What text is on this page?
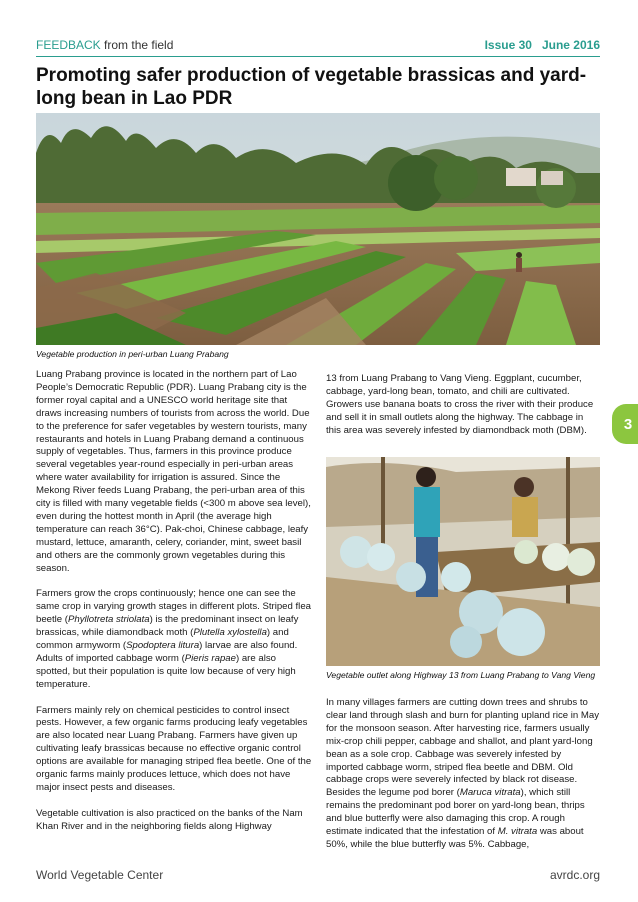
FEEDBACK from the field	Issue 30   June 2016
Promoting safer production of vegetable brassicas and yard-long bean in Lao PDR
Vegetable production in peri-urban Luang Prabang

Luang Prabang province is located in the northern part of Lao People’s Democratic Republic (PDR). Luang Prabang city is the former royal capital and a UNESCO world heritage site that draws increasing numbers of tourists from across the world. Due to the preference for safer vegetables by western tourists, many restaurants and hotels in Luang Prabang demand a continuous supply of vegetables. Thus, farmers in this province produce several vegetables year-round especially in peri-urban areas where water availability for irrigation is assured. Since the Mekong River feeds Luang Prabang, the peri-urban area of this city is filled with many vegetable fields (<300 m above sea level), even during the hottest month in April (the average high temperature can reach 36°C). Pak-choi, Chinese cabbage, leafy mustard, lettuce, amaranth, celery, coriander, mint, sweet basil and others are the commonly grown vegetables during this season.

Farmers grow the crops continuously; hence one can see the same crop in varying growth stages in different plots. Striped flea beetle (Phyllotreta striolata) is the predominant insect on leafy brassicas, while diamondback moth (Plutella xylostella) and common armyworm (Spodoptera litura) larvae are also found. Adults of imported cabbage worm (Pieris rapae) are also spotted, but their population is quite low because of very high temperature.

Farmers mainly rely on chemical pesticides to control insect pests. However, a few organic farms producing leafy vegetables are also located near Luang Prabang. Farmers have given up cultivating leafy brassicas because no effective organic control options are available for managing striped flea beetle. One of the organic farms mainly produces lettuce, which does not have major insect pests and diseases.

Vegetable cultivation is also practiced on the banks of the Nam Khan River and in the neighboring fields along Highway

13 from Luang Prabang to Vang Vieng. Eggplant, cucumber, cabbage, yard-long bean, tomato, and chili are cultivated. Growers use banana boats to cross the river with their produce and sell it in small outlets along the highway. The cabbage in this area was severely infested by diamondback moth (DBM).

Vegetable outlet along Highway 13 from Luang Prabang to Vang Vieng

In many villages farmers are cutting down trees and shrubs to clear land through slash and burn for planting upland rice in May for the monsoon season. After harvesting rice, farmers usually mix-crop chili pepper, cabbage and shallot, and plant yard-long bean as a sole crop. Cabbage was severely infested by imported cabbage worm, striped flea beetle and DBM. Old cabbage crops were severely infected by black rot disease. Besides the legume pod borer (Maruca vitrata), which still remains the predominant pod borer on yard-long bean, thrips and blue butterfly were also damaging this crop. A rough estimate indicated that the infestation of M. vitrata was about 50%, while the blue butterfly was 5%. Cabbage,

3
World Vegetable Center	avrdc.org
